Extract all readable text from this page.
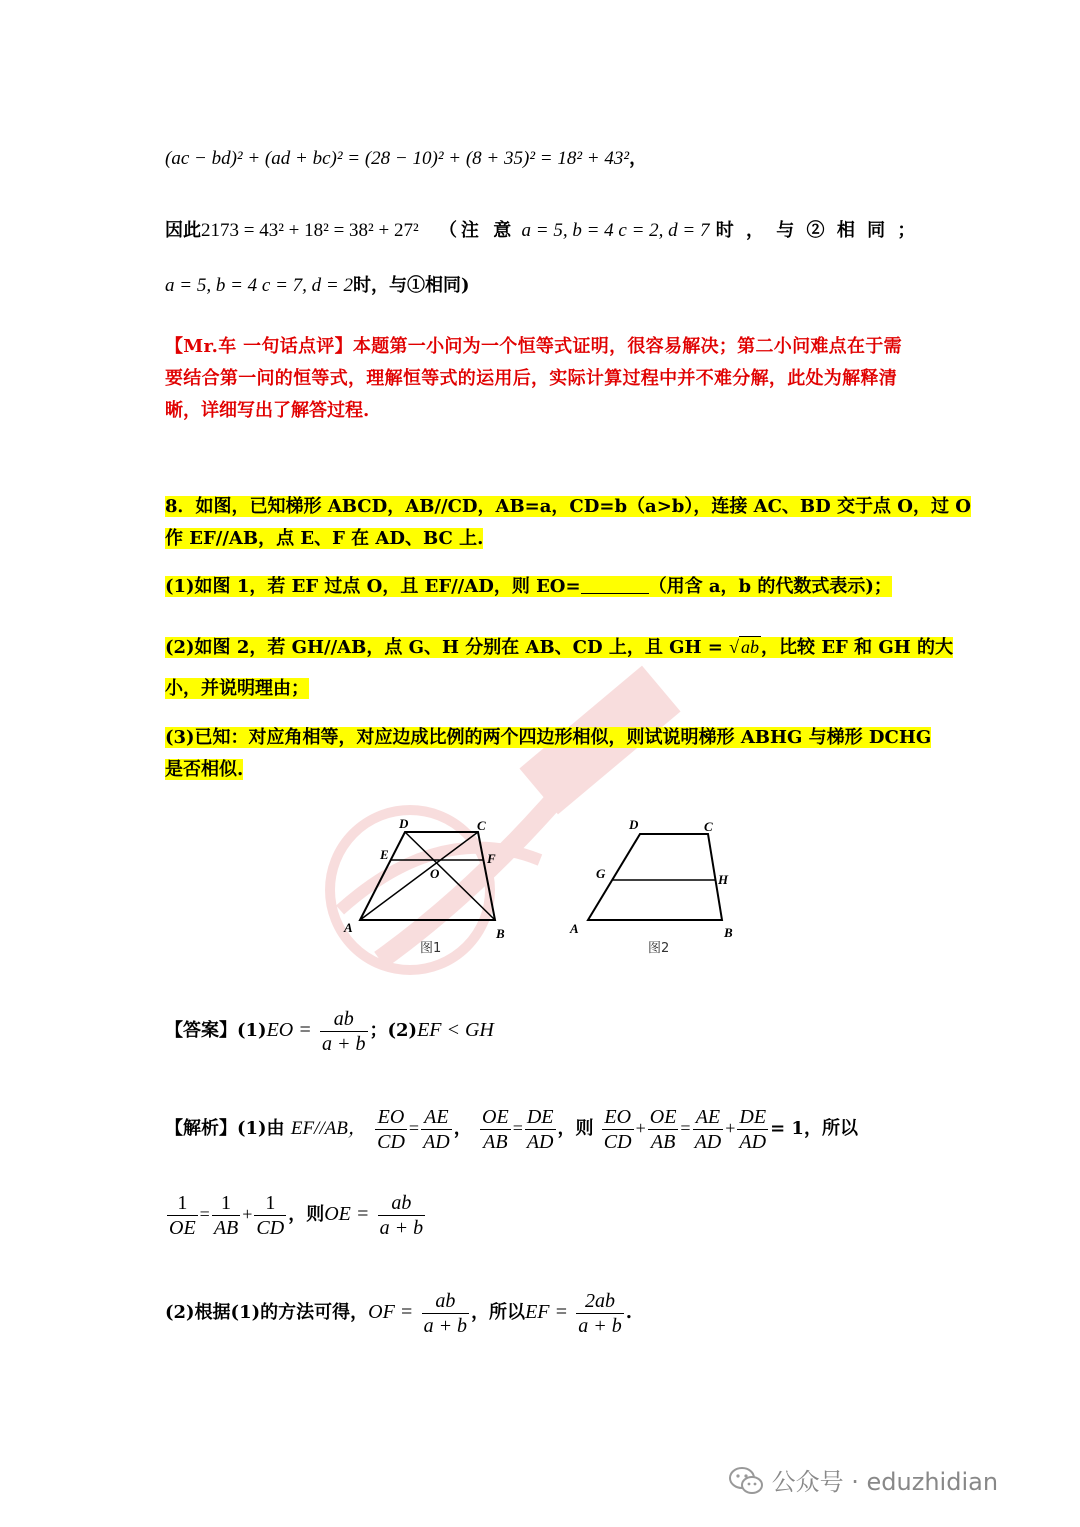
(ac − bd)² + (ad + bc)² = (28 − 10)² + (8 + 35)² = 18² + 43²，
因此2173 = 43² + 18² = 38² + 27² （注 意 a = 5, b = 4 c = 2, d = 7 时 ， 与 ② 相 同 ；
a = 5, b = 4 c = 7, d = 2时，与①相同)
【Mr.车 一句话点评】本题第一小问为一个恒等式证明，很容易解决；第二小问难点在于需
要结合第一问的恒等式，理解恒等式的运用后，实际计算过程中并不难分解，此处为解释清
晰，详细写出了解答过程.
8．如图，已知梯形 ABCD，AB//CD，AB=a，CD=b（a>b），连接 AC、BD 交于点 O，过 O
作 EF//AB，点 E、F 在 AD、BC 上.
(1)如图 1，若 EF 过点 O，且 EF//AD，则 EO=	（用含 a，b 的代数式表示)；
(2)如图 2，若 GH//AB，点 G、H 分别在 AB、CD 上，且 GH = √ ab ，比较 EF 和 GH 的大
小，并说明理由；
(3)已知：对应角相等，对应边成比例的两个四边形相似，则试说明梯形 ABHG 与梯形 DCHG
是否相似.
D	C
E	F
O
A	B
图1
D	C
G	H
A	B
图2
【答案】$(1)EO = \frac{ab}{a + b}$ ；(2)EF < GH
【解析】(1)由 EF//AB， $\frac{EO}{CD} = \frac{AE}{AD}$ ， $\frac{OE}{AB} = \frac{DE}{AD}$ ，则 $\frac{EO}{CD} + \frac{OE}{AB} = \frac{AE}{AD} + \frac{DE}{AD} = 1$，所以
$\frac{1}{OE} = \frac{1}{AB} + \frac{1}{CD}$ ，则OE = $\frac{ab}{a + b}$
(2)根据(1)的方法可得，OF = $\frac{ab}{a + b}$ ，所以EF = $\frac{2ab}{a + b}$ .
公众号 · eduzhidian
